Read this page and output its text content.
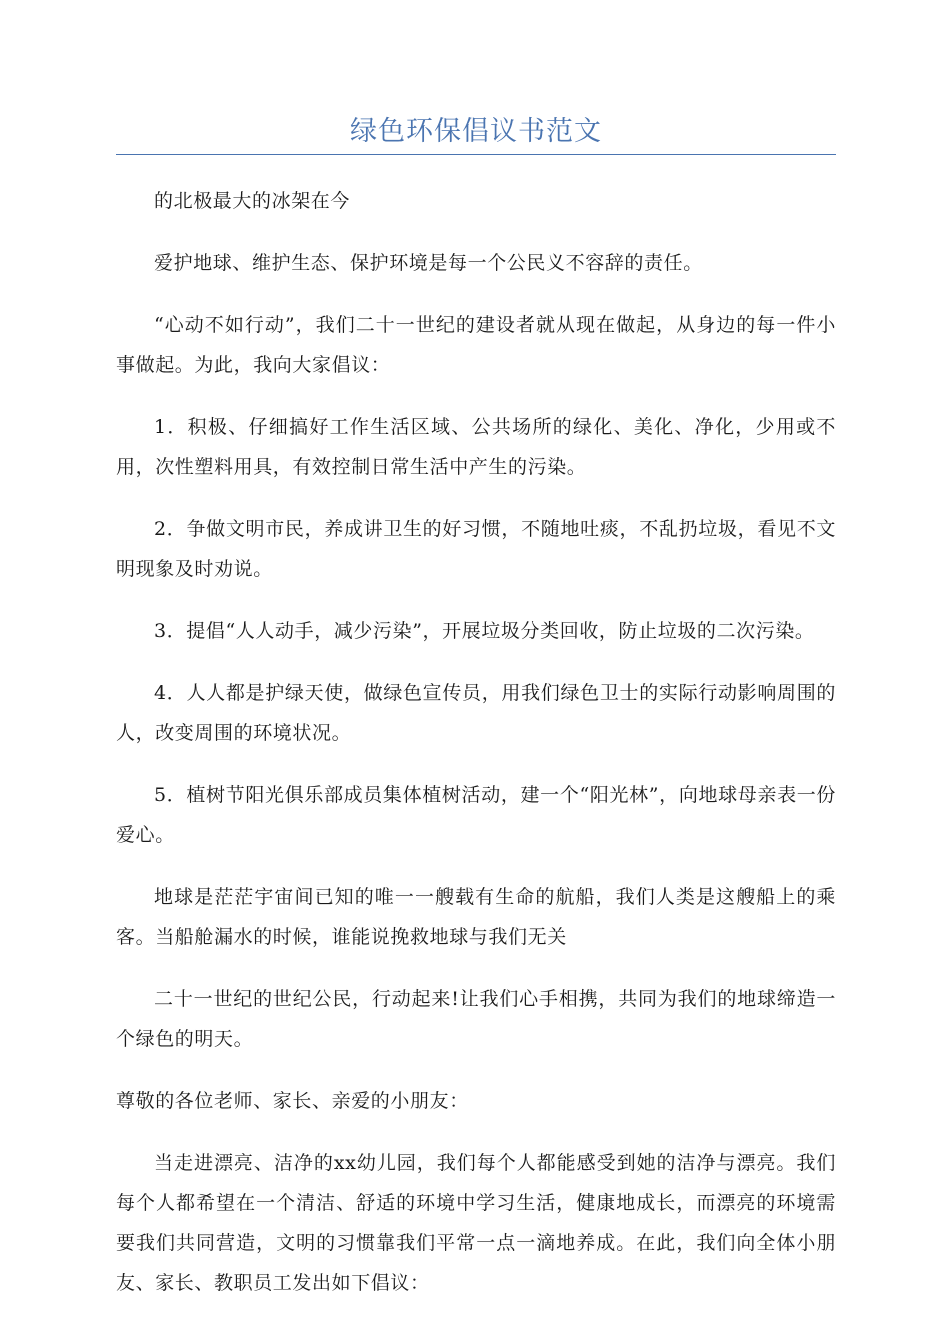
绿色环保倡议书范文

的北极最大的冰架在今

爱护地球、维护生态、保护环境是每一个公民义不容辞的责任。

“心动不如行动”，我们二十一世纪的建设者就从现在做起，从身边的每一件小事做起。为此，我向大家倡议：

1．积极、仔细搞好工作生活区域、公共场所的绿化、美化、净化，少用或不用，次性塑料用具，有效控制日常生活中产生的污染。

2．争做文明市民，养成讲卫生的好习惯，不随地吐痰，不乱扔垃圾，看见不文明现象及时劝说。

3．提倡“人人动手，减少污染”，开展垃圾分类回收，防止垃圾的二次污染。

4．人人都是护绿天使，做绿色宣传员，用我们绿色卫士的实际行动影响周围的人，改变周围的环境状况。

5．植树节阳光俱乐部成员集体植树活动，建一个“阳光林”，向地球母亲表一份爱心。

地球是茫茫宇宙间已知的唯一一艘载有生命的航船，我们人类是这艘船上的乘客。当船舱漏水的时候，谁能说挽救地球与我们无关

二十一世纪的世纪公民，行动起来!让我们心手相携，共同为我们的地球缔造一个绿色的明天。

尊敬的各位老师、家长、亲爱的小朋友：

当走进漂亮、洁净的xx幼儿园，我们每个人都能感受到她的洁净与漂亮。我们每个人都希望在一个清洁、舒适的环境中学习生活，健康地成长，而漂亮的环境需要我们共同营造，文明的习惯靠我们平常一点一滴地养成。在此，我们向全体小朋友、家长、教职员工发出如下倡议：
